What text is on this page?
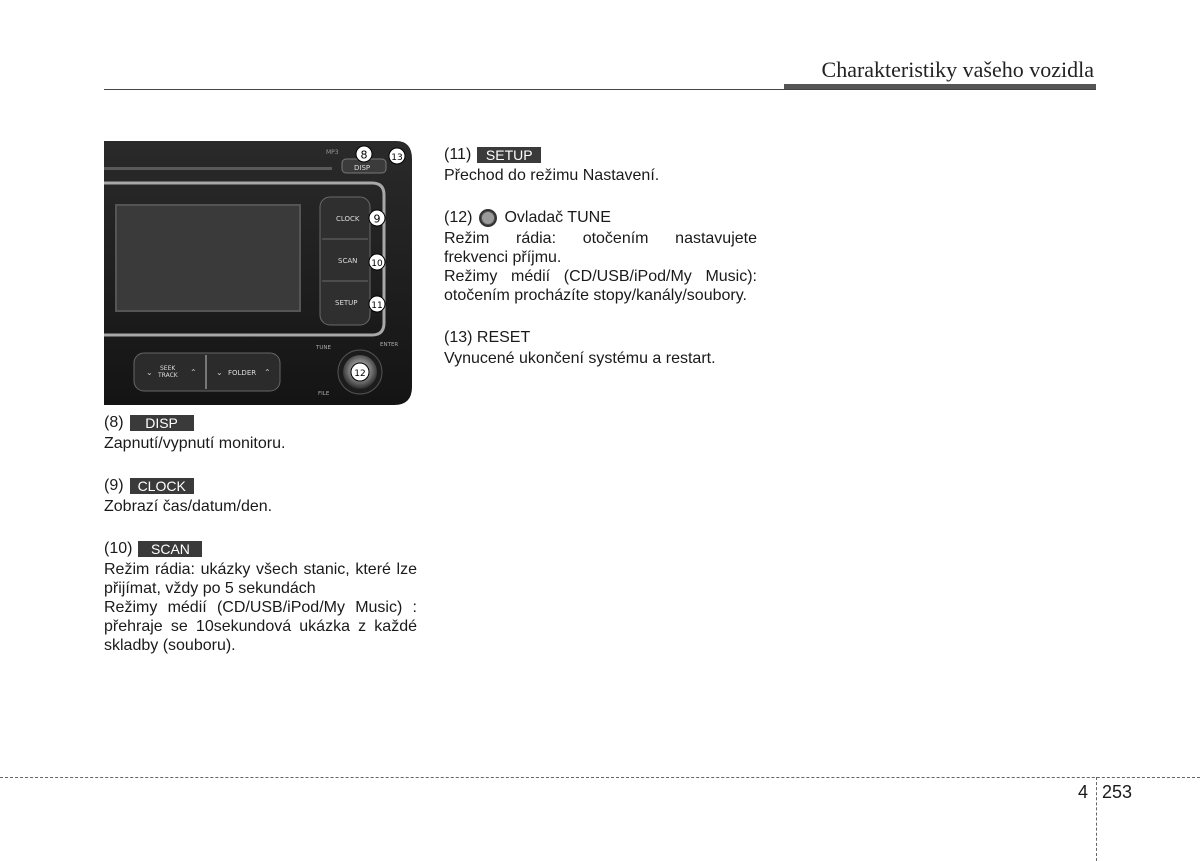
Charakteristiky vašeho vozidla
MP3
DISP
CLOCK
SCAN
SETUP
⌄ SEEK
TRACK ⌃ ⌄ FOLDER ⌃
TUNE	ENTER
FILE
8	13
9
10
11
12
(8)	DISP

Zapnutí/vypnutí monitoru.

(9)	CLOCK

Zobrazí čas/datum/den.

(10)	SCAN

Režim rádia: ukázky všech stanic, které lze přijímat, vždy po 5 sekundách

Režimy médií (CD/USB/iPod/My Music) : přehraje se 10sekundová ukázka z každé skladby (souboru).

(11)	SETUP

Přechod do režimu Nastavení.

(12) Ovladač TUNE

Režim rádia: otočením nastavujete frekvenci příjmu.

Režimy médií (CD/USB/iPod/My Music): otočením procházíte stopy/kanály/soubory.

(13) RESET

Vynucené ukončení systému a restart.

4 253
